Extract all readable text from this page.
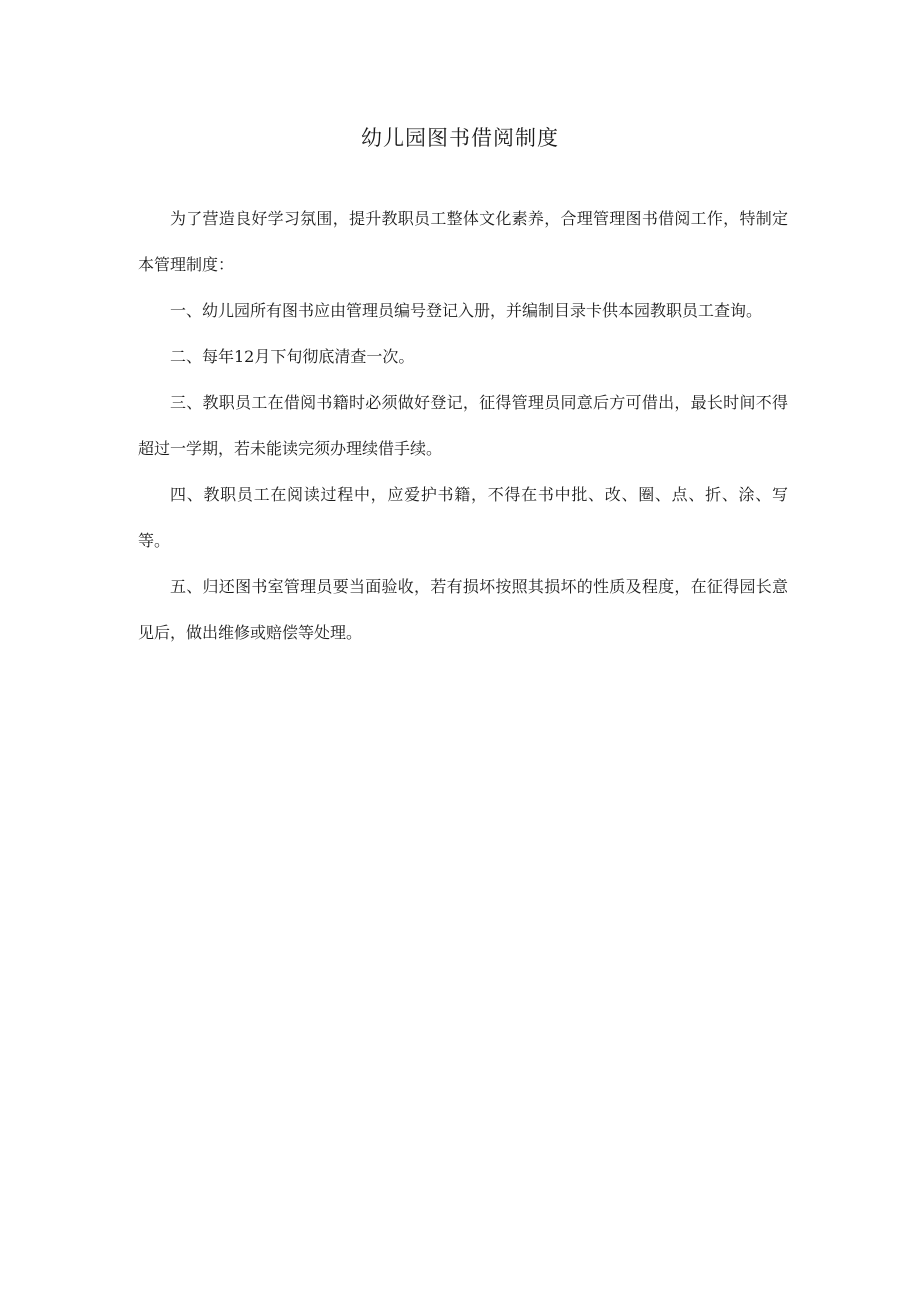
幼儿园图书借阅制度

为了营造良好学习氛围，提升教职员工整体文化素养，合理管理图书借阅工作，特制定本管理制度：

一、幼儿园所有图书应由管理员编号登记入册，并编制目录卡供本园教职员工查询。

二、每年12月下旬彻底清查一次。

三、教职员工在借阅书籍时必须做好登记，征得管理员同意后方可借出，最长时间不得超过一学期，若未能读完须办理续借手续。

四、教职员工在阅读过程中，应爱护书籍，不得在书中批、改、圈、点、折、涂、写等。

五、归还图书室管理员要当面验收，若有损坏按照其损坏的性质及程度，在征得园长意见后，做出维修或赔偿等处理。
